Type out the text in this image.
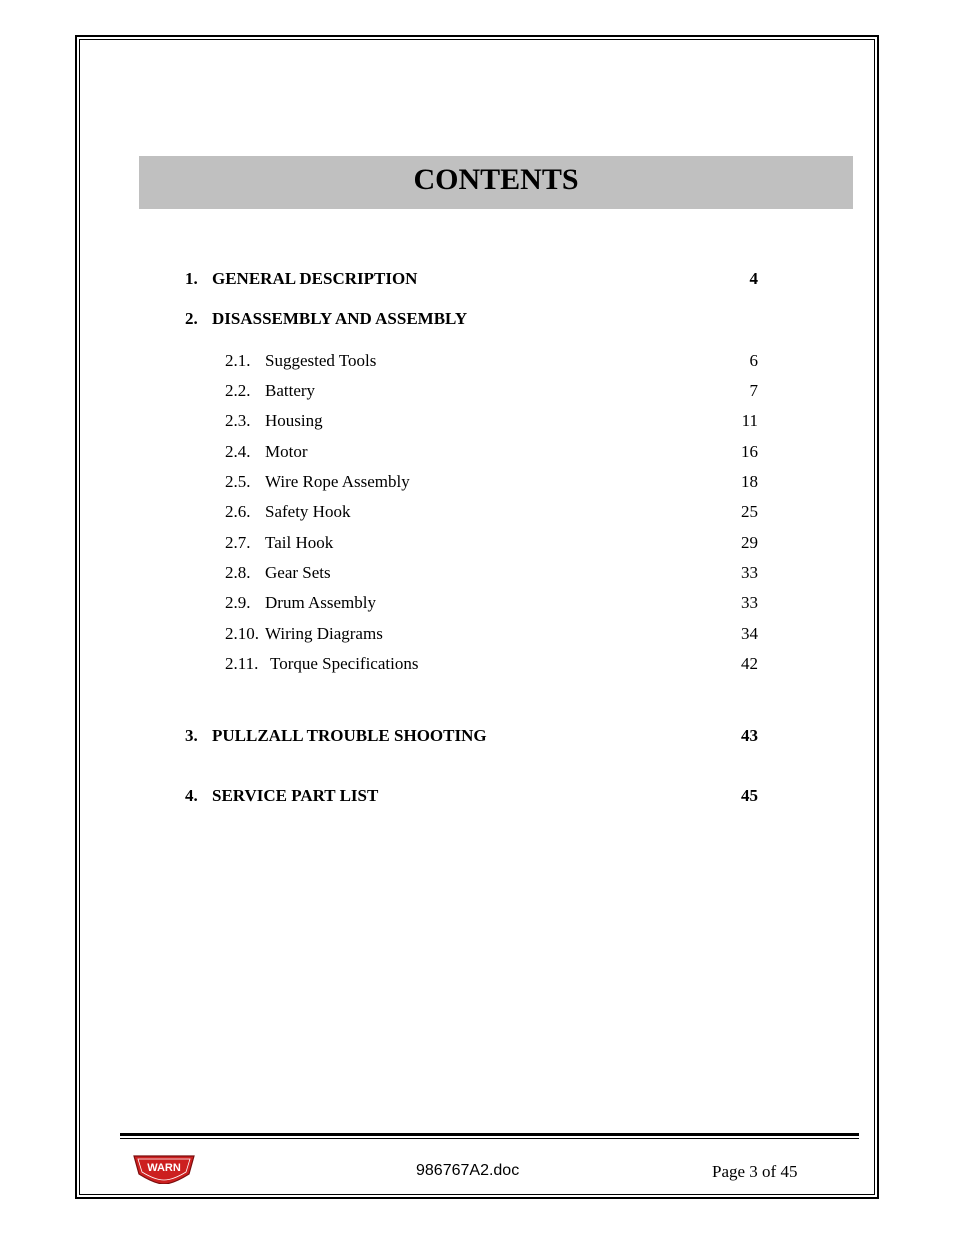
CONTENTS
1. GENERAL DESCRIPTION	4
2. DISASSEMBLY AND ASSEMBLY
2.1. Suggested Tools	6
2.2. Battery	7
2.3. Housing	11
2.4. Motor	16
2.5. Wire Rope Assembly	18
2.6. Safety Hook	25
2.7. Tail Hook	29
2.8. Gear Sets	33
2.9. Drum Assembly	33
2.10. Wiring Diagrams	34
2.11. Torque Specifications	42
3. PULLZALL TROUBLE SHOOTING	43
4. SERVICE PART LIST	45
WARN	986767A2.doc	Page 3 of 45
